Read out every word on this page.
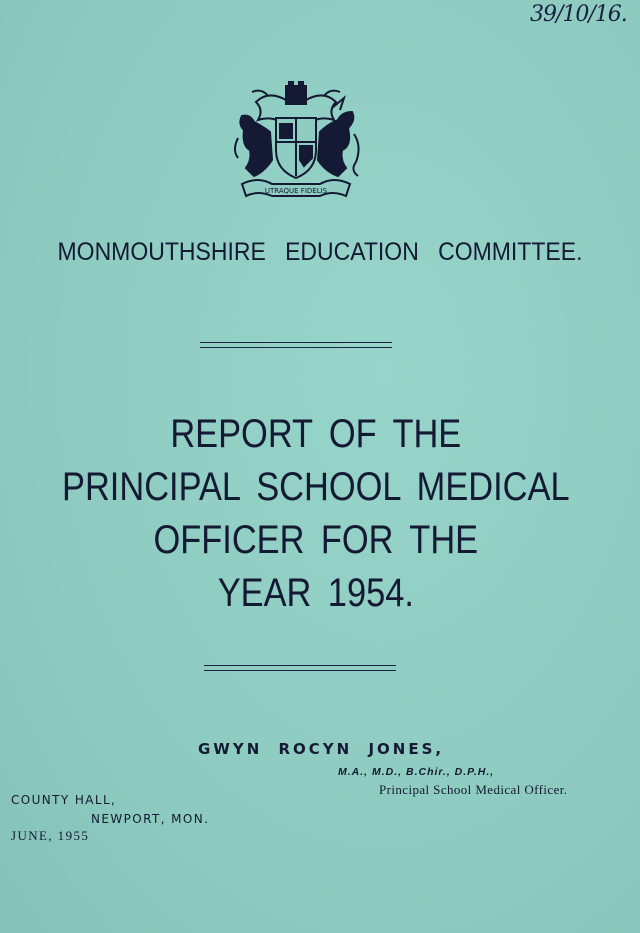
39/10/16.
UTRAQUE FIDELIS
MONMOUTHSHIRE EDUCATION COMMITTEE.
REPORT OF THE
PRINCIPAL SCHOOL MEDICAL
OFFICER FOR THE
YEAR 1954.
GWYN ROCYN JONES,
M.A., M.D., B.Chir., D.P.H.,
Principal School Medical Officer.
COUNTY HALL,
NEWPORT, MON.
JUNE, 1955
